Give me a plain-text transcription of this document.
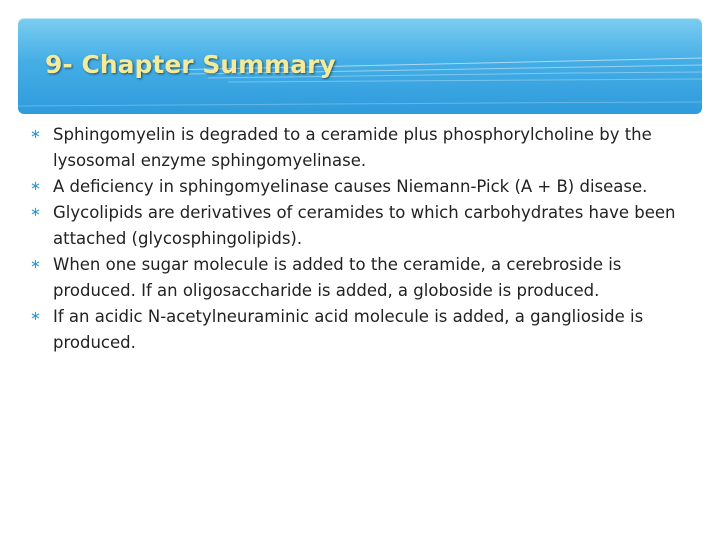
9- Chapter Summary
∗ Sphingomyelin is degraded to a ceramide plus phosphorylcholine by the lysosomal enzyme sphingomyelinase.
∗ A deficiency in sphingomyelinase causes Niemann-Pick (A + B) disease.
∗ Glycolipids are derivatives of ceramides to which carbohydrates have been attached (glycosphingolipids).
∗ When one sugar molecule is added to the ceramide, a cerebroside is produced. If an oligosaccharide is added, a globoside is produced.
∗ If an acidic N-acetylneuraminic acid molecule is added, a ganglioside is produced.
